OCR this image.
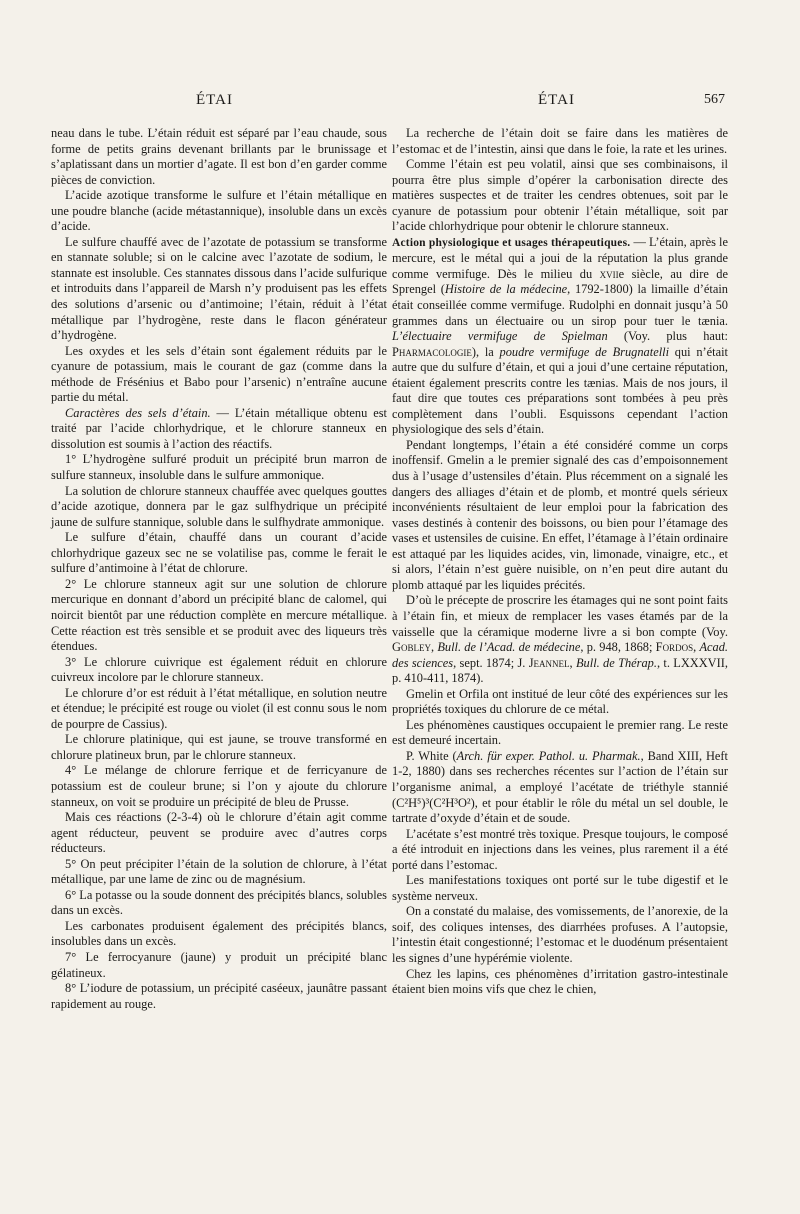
ÉTAI	ÉTAI	567

neau dans le tube. L’étain réduit est séparé par l’eau chaude, sous forme de petits grains devenant brillants par le brunissage et s’aplatissant dans un mortier d’agate. Il est bon d’en garder comme pièces de conviction.

L’acide azotique transforme le sulfure et l’étain métallique en une poudre blanche (acide métastannique), insoluble dans un excès d’acide.

Le sulfure chauffé avec de l’azotate de potassium se transforme en stannate soluble; si on le calcine avec l’azotate de sodium, le stannate est insoluble. Ces stannates dissous dans l’acide sulfurique et introduits dans l’appareil de Marsh n’y produisent pas les effets des solutions d’arsenic ou d’antimoine; l’étain, réduit à l’état métallique par l’hydrogène, reste dans le flacon générateur d’hydrogène.

Les oxydes et les sels d’étain sont également réduits par le cyanure de potassium, mais le courant de gaz (comme dans la méthode de Frésénius et Babo pour l’arsenic) n’entraîne aucune partie du métal.

Caractères des sels d’étain. — L’étain métallique obtenu est traité par l’acide chlorhydrique, et le chlorure stanneux en dissolution est soumis à l’action des réactifs.

1° L’hydrogène sulfuré produit un précipité brun marron de sulfure stanneux, insoluble dans le sulfure ammonique.

La solution de chlorure stanneux chauffée avec quelques gouttes d’acide azotique, donnera par le gaz sulfhydrique un précipité jaune de sulfure stannique, soluble dans le sulfhydrate ammonique.

Le sulfure d’étain, chauffé dans un courant d’acide chlorhydrique gazeux sec ne se volatilise pas, comme le ferait le sulfure d’antimoine à l’état de chlorure.

2° Le chlorure stanneux agit sur une solution de chlorure mercurique en donnant d’abord un précipité blanc de calomel, qui noircit bientôt par une réduction complète en mercure métallique. Cette réaction est très sensible et se produit avec des liqueurs très étendues.

3° Le chlorure cuivrique est également réduit en chlorure cuivreux incolore par le chlorure stanneux.

Le chlorure d’or est réduit à l’état métallique, en solution neutre et étendue; le précipité est rouge ou violet (il est connu sous le nom de pourpre de Cassius).

Le chlorure platinique, qui est jaune, se trouve transformé en chlorure platineux brun, par le chlorure stanneux.

4° Le mélange de chlorure ferrique et de ferricyanure de potassium est de couleur brune; si l’on y ajoute du chlorure stanneux, on voit se produire un précipité de bleu de Prusse.

Mais ces réactions (2-3-4) où le chlorure d’étain agit comme agent réducteur, peuvent se produire avec d’autres corps réducteurs.

5° On peut précipiter l’étain de la solution de chlorure, à l’état métallique, par une lame de zinc ou de magnésium.

6° La potasse ou la soude donnent des précipités blancs, solubles dans un excès.

Les carbonates produisent également des précipités blancs, insolubles dans un excès.

7° Le ferrocyanure (jaune) y produit un précipité blanc gélatineux.

8° L’iodure de potassium, un précipité caséeux, jaunâtre passant rapidement au rouge.

La recherche de l’étain doit se faire dans les matières de l’estomac et de l’intestin, ainsi que dans le foie, la rate et les urines.

Comme l’étain est peu volatil, ainsi que ses combinaisons, il pourra être plus simple d’opérer la carbonisation directe des matières suspectes et de traiter les cendres obtenues, soit par le cyanure de potassium pour obtenir l’étain métallique, soit par l’acide chlorhydrique pour obtenir le chlorure stanneux.

Action physiologique et usages thérapeutiques. — L’étain, après le mercure, est le métal qui a joui de la réputation la plus grande comme vermifuge. Dès le milieu du xviie siècle, au dire de Sprengel (Histoire de la médecine, 1792-1800) la limaille d’étain était conseillée comme vermifuge. Rudolphi en donnait jusqu’à 50 grammes dans un électuaire ou un sirop pour tuer le tænia. L’électuaire vermifuge de Spielman (Voy. plus haut: Pharmacologie), la poudre vermifuge de Brugnatelli qui n’était autre que du sulfure d’étain, et qui a joui d’une certaine réputation, étaient également prescrits contre les tænias. Mais de nos jours, il faut dire que toutes ces préparations sont tombées à peu près complètement dans l’oubli. Esquissons cependant l’action physiologique des sels d’étain.

Pendant longtemps, l’étain a été considéré comme un corps inoffensif. Gmelin a le premier signalé des cas d’empoisonnement dus à l’usage d’ustensiles d’étain. Plus récemment on a signalé les dangers des alliages d’étain et de plomb, et montré quels sérieux inconvénients résultaient de leur emploi pour la fabrication des vases destinés à contenir des boissons, ou bien pour l’étamage des vases et ustensiles de cuisine. En effet, l’étamage à l’étain ordinaire est attaqué par les liquides acides, vin, limonade, vinaigre, etc., et si alors, l’étain n’est guère nuisible, on n’en peut dire autant du plomb attaqué par les liquides précités.

D’où le précepte de proscrire les étamages qui ne sont point faits à l’étain fin, et mieux de remplacer les vases étamés par de la vaisselle que la céramique moderne livre a si bon compte (Voy. Gobley, Bull. de l’Acad. de médecine, p. 948, 1868; Fordos, Acad. des sciences, sept. 1874; J. Jeannel, Bull. de Thérap., t. LXXXVII, p. 410-411, 1874).

Gmelin et Orfila ont institué de leur côté des expériences sur les propriétés toxiques du chlorure de ce métal.

Les phénomènes caustiques occupaient le premier rang. Le reste est demeuré incertain.

P. White (Arch. für exper. Pathol. u. Pharmak., Band XIII, Heft 1-2, 1880) dans ses recherches récentes sur l’action de l’étain sur l’organisme animal, a employé l’acétate de triéthyle stannié (C²H⁵)³(C²H³O²), et pour établir le rôle du métal un sel double, le tartrate d’oxyde d’étain et de soude.

L’acétate s’est montré très toxique. Presque toujours, le composé a été introduit en injections dans les veines, plus rarement il a été porté dans l’estomac.

Les manifestations toxiques ont porté sur le tube digestif et le système nerveux.

On a constaté du malaise, des vomissements, de l’anorexie, de la soif, des coliques intenses, des diarrhées profuses. A l’autopsie, l’intestin était congestionné; l’estomac et le duodénum présentaient les signes d’une hypérémie violente.

Chez les lapins, ces phénomènes d’irritation gastro-intestinale étaient bien moins vifs que chez le chien,
